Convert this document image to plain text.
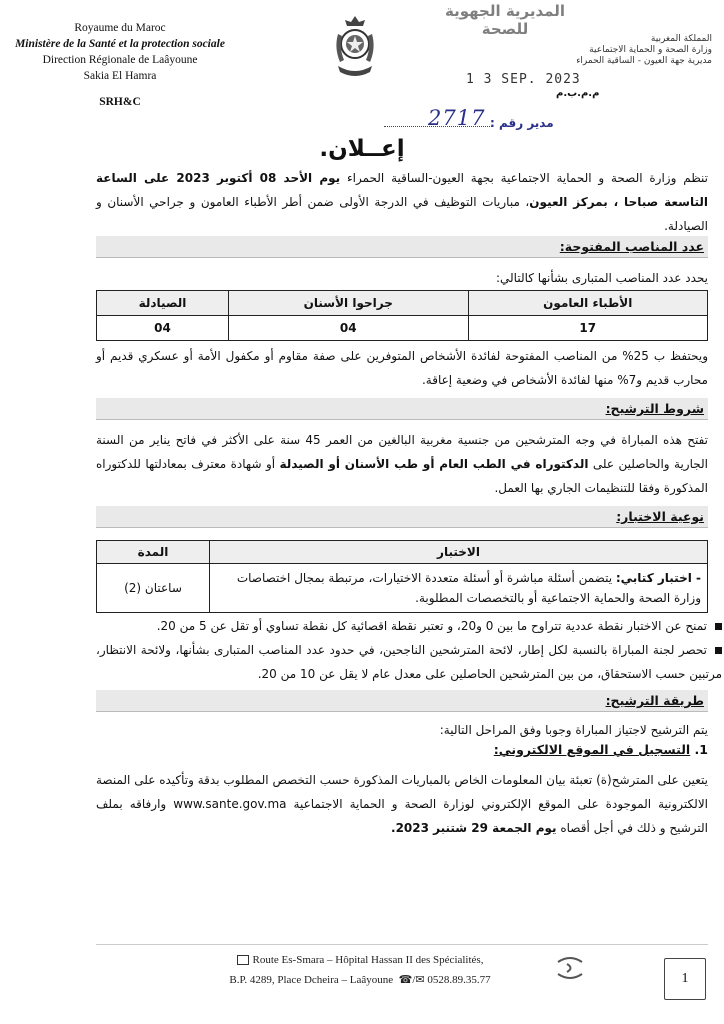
Royaume du Maroc
Ministère de la Santé et la protection sociale
Direction Régionale de Laâyoune
Sakia El Hamra
SRH&C
المديرية الجهوية للصحة
المملكة المغربية
وزارة الصحة و الحماية الاجتماعية
مديرية جهة العيون - الساقية الحمراء
1 3 SEP. 2023
م.م.ب.م
مدير رقم :
2717
إعــلان.
تنظم وزارة الصحة و الحماية الاجتماعية بجهة العيون-الساقية الحمراء يوم الأحد 08 أكتوبر 2023 على الساعة التاسعة صباحا ، بمركز العيون، مباريات التوظيف في الدرجة الأولى ضمن أطر الأطباء العامون و جراحي الأسنان و الصيادلة.
عدد المناصب المفتوحة:
يحدد عدد المناصب المتبارى بشأنها كالتالي:
الأطباء العامون	جراحوا الأسنان	الصيادلة
17	04	04
ويحتفظ ب 25% من المناصب المفتوحة لفائدة الأشخاص المتوفرين على صفة مقاوم أو مكفول الأمة أو عسكري قديم أو محارب قديم و7% منها لفائدة الأشخاص في وضعية إعاقة.
شروط الترشيح:
تفتح هذه المباراة في وجه المترشحين من جنسية مغربية البالغين من العمر 45 سنة على الأكثر في فاتح يناير من السنة الجارية والحاصلين على الدكتوراه في الطب العام أو طب الأسنان أو الصيدلة أو شهادة معترف بمعادلتها للدكتوراه المذكورة وفقا للتنظيمات الجاري بها العمل.
نوعية الاختبار:
الاختبار	المدة
- اختبار كتابي: يتضمن أسئلة مباشرة أو أسئلة متعددة الاختيارات، مرتبطة بمجال اختصاصات وزارة الصحة والحماية الاجتماعية أو بالتخصصات المطلوبة.	ساعتان (2)
تمنح عن الاختبار نقطة عددية تتراوح ما بين 0 و20، و تعتبر نقطة اقصائية كل نقطة تساوي أو تقل عن 5 من 20.
تحصر لجنة المباراة بالنسبة لكل إطار، لائحة المترشحين الناجحين، في حدود عدد المناصب المتبارى بشأنها، ولائحة الانتظار، مرتبين حسب الاستحقاق، من بين المترشحين الحاصلين على معدل عام لا يقل عن 10 من 20.
طريقة الترشيح:
يتم الترشيح لاجتياز المباراة وجوبا وفق المراحل التالية:
1. التسجيل في الموقع الالكتروني:
يتعين على المترشح(ة) تعبئة بيان المعلومات الخاص بالمباريات المذكورة حسب التخصص المطلوب بدقة وتأكيده على المنصة الالكترونية الموجودة على الموقع الإلكتروني لوزارة الصحة و الحماية الاجتماعية www.sante.gov.ma وارفاقه بملف الترشيح و ذلك في أجل أقصاه يوم الجمعة 29 شتنبر 2023.
Route Es-Smara – Hôpital Hassan II des Spécialités,
B.P. 4289, Place Dcheira – Laâyoune ☎/✉ 0528.89.35.77	1
